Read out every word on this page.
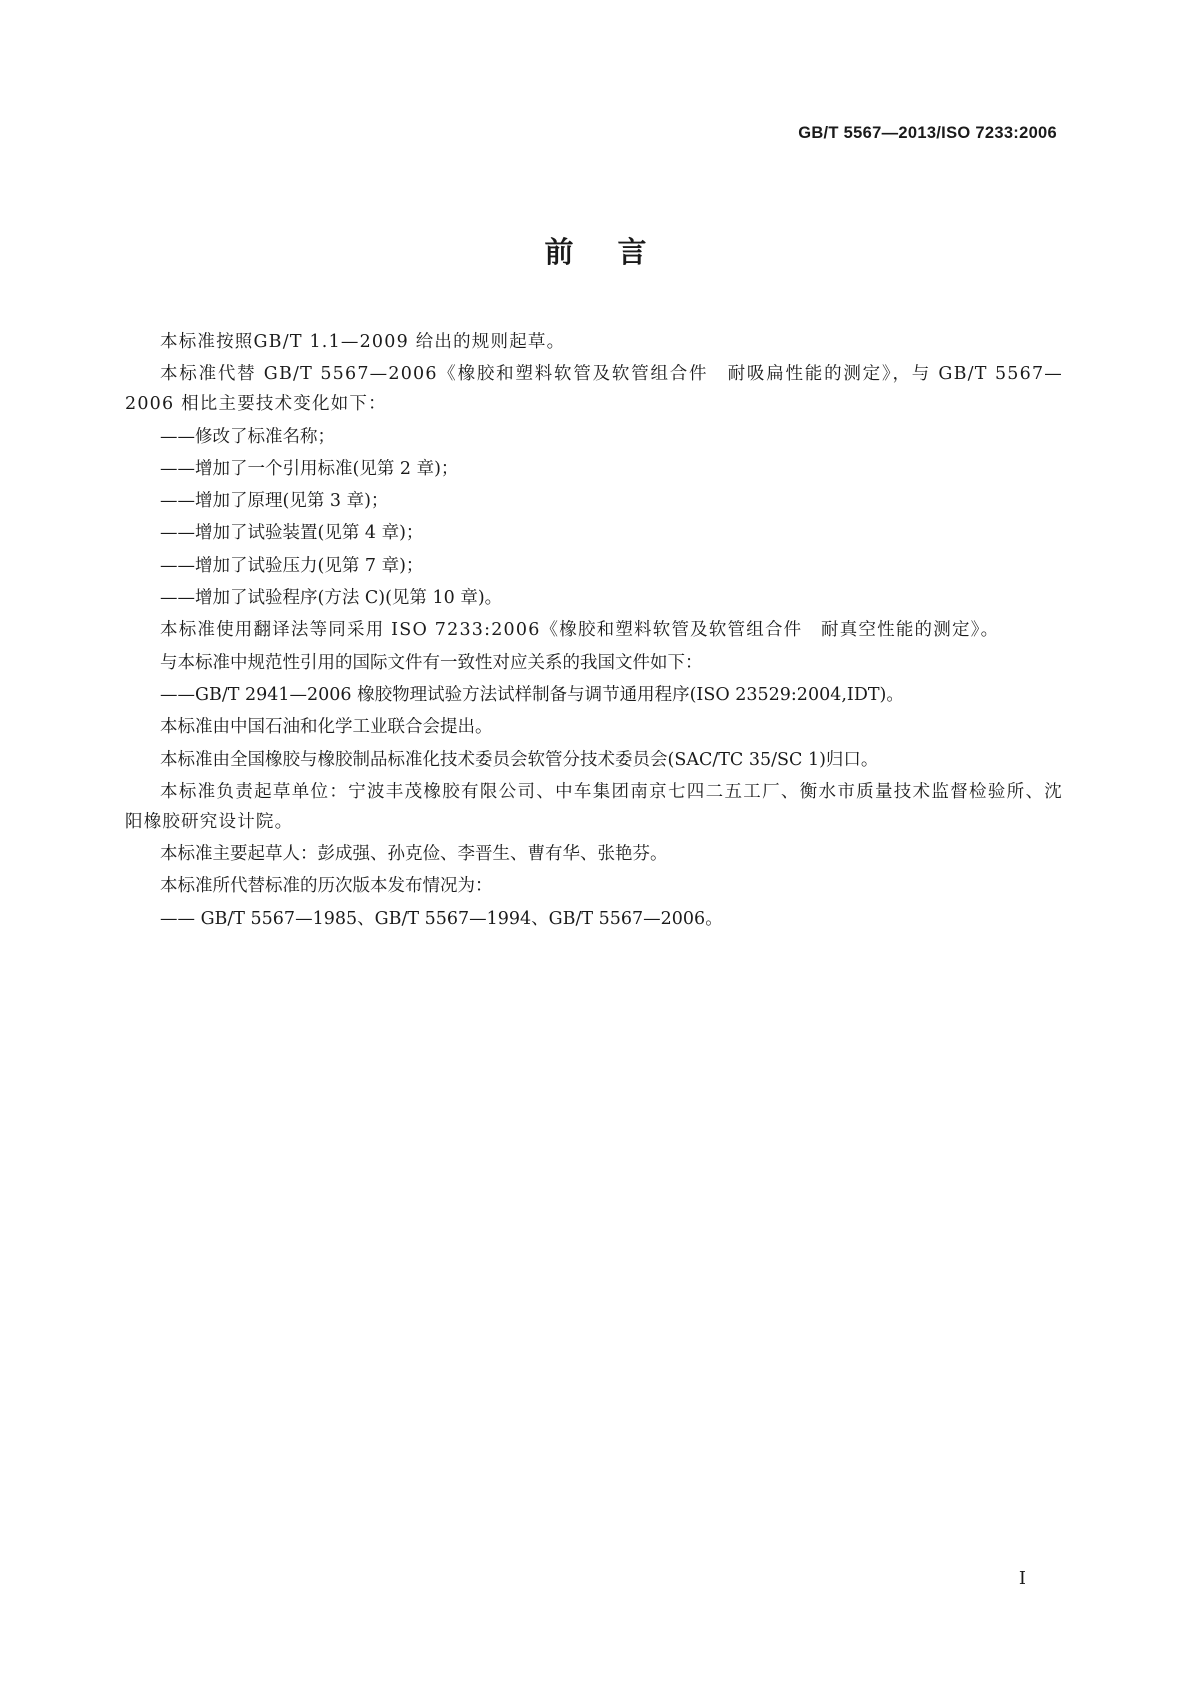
GB/T 5567—2013/ISO 7233:2006
前言

本标准按照GB/T 1.1—2009 给出的规则起草。

本标准代替 GB/T 5567—2006《橡胶和塑料软管及软管组合件　耐吸扁性能的测定》，与 GB/T 5567—2006 相比主要技术变化如下：

——修改了标准名称；

——增加了一个引用标准(见第 2 章)；

——增加了原理(见第 3 章)；

——增加了试验装置(见第 4 章)；

——增加了试验压力(见第 7 章)；

——增加了试验程序(方法 C)(见第 10 章)。

本标准使用翻译法等同采用 ISO 7233:2006《橡胶和塑料软管及软管组合件　耐真空性能的测定》。

与本标准中规范性引用的国际文件有一致性对应关系的我国文件如下：

——GB/T 2941—2006 橡胶物理试验方法试样制备与调节通用程序(ISO 23529:2004,IDT)。

本标准由中国石油和化学工业联合会提出。

本标准由全国橡胶与橡胶制品标准化技术委员会软管分技术委员会(SAC/TC 35/SC 1)归口。

本标准负责起草单位：宁波丰茂橡胶有限公司、中车集团南京七四二五工厂、衡水市质量技术监督检验所、沈阳橡胶研究设计院。

本标准主要起草人：彭成强、孙克俭、李晋生、曹有华、张艳芬。

本标准所代替标准的历次版本发布情况为：

—— GB/T 5567—1985、GB/T 5567—1994、GB/T 5567—2006。

I
